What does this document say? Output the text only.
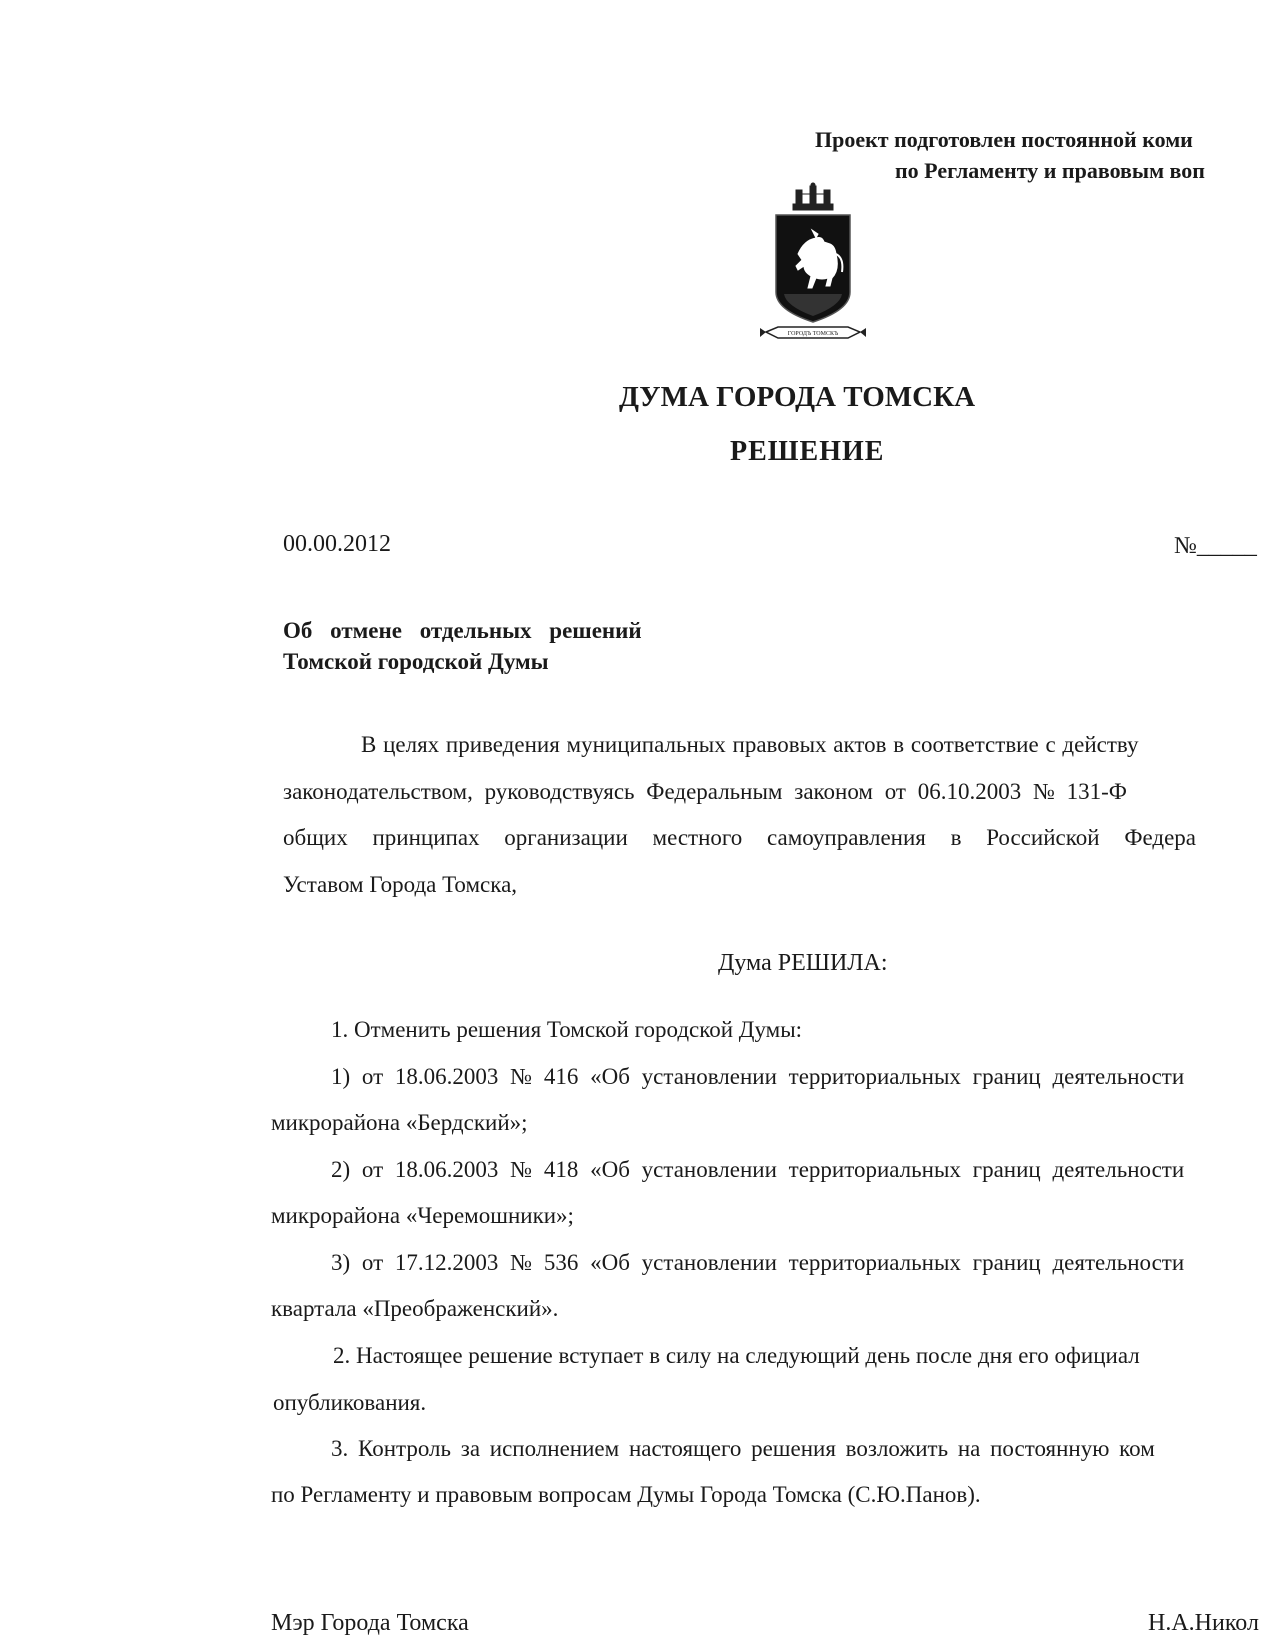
Проект подготовлен постоянной коми
по Регламенту и правовым воп
ГОРОДЪ ТОМСКЪ
ДУМА ГОРОДА ТОМСКА
РЕШЕНИЕ
00.00.2012	№_____
Об отмене отдельных решений
Томской городской Думы
В целях приведения муниципальных правовых актов в соответствие с действу
законодательством, руководствуясь Федеральным законом от 06.10.2003 № 131-Ф
общих принципах организации местного самоуправления в Российской Федера
Уставом Города Томска,
Дума РЕШИЛА:
1. Отменить решения Томской городской Думы:
1) от 18.06.2003 № 416 «Об установлении территориальных границ деятельности
микрорайона «Бердский»;
2) от 18.06.2003 № 418 «Об установлении территориальных границ деятельности
микрорайона «Черемошники»;
3) от 17.12.2003 № 536 «Об установлении территориальных границ деятельности
квартала «Преображенский».
2. Настоящее решение вступает в силу на следующий день после дня его официал
опубликования.
3. Контроль за исполнением настоящего решения возложить на постоянную ком
по Регламенту и правовым вопросам Думы Города Томска (С.Ю.Панов).
Мэр Города Томска	Н.А.Никол
